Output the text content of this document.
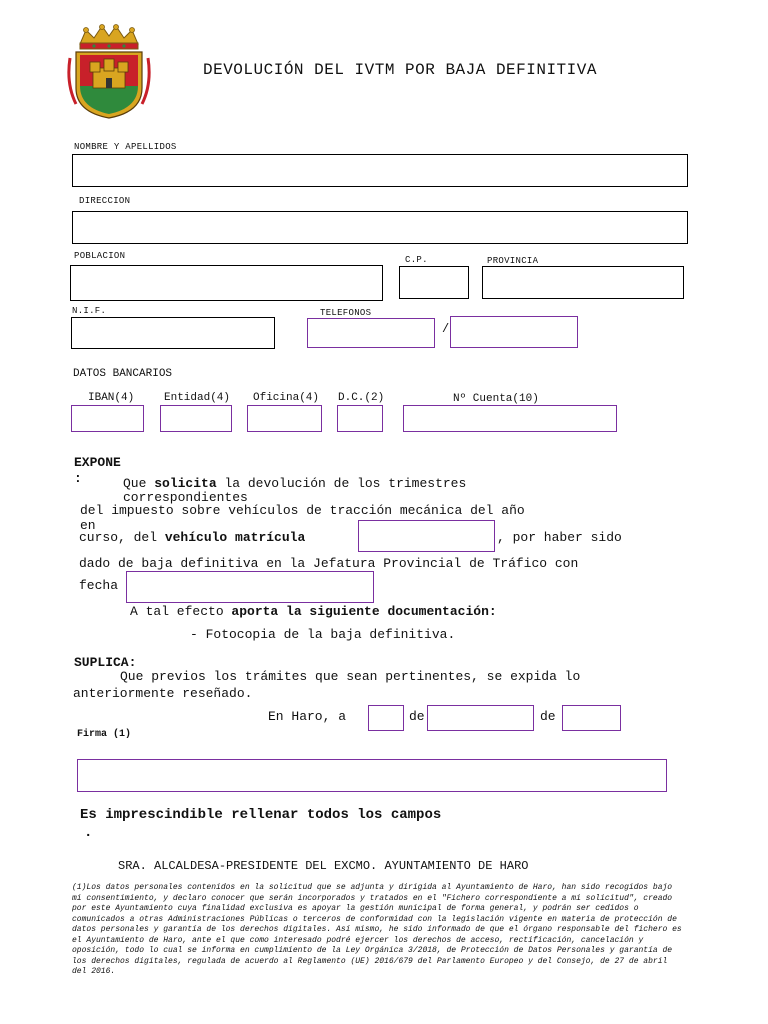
DEVOLUCIÓN DEL IVTM POR BAJA DEFINITIVA
NOMBRE Y APELLIDOS
DIRECCION
POBLACION	C.P.	PROVINCIA
N.I.F.	TELEFONOS
/
DATOS BANCARIOS
IBAN(4)	Entidad(4) Oficina(4) D.C.(2)	Nº Cuenta(10)
EXPONE
:	Que solicita la devolución de los trimestres
correspondientes
del impuesto sobre vehículos de tracción mecánica del año
en
curso, del vehículo matrícula	, por haber sido
dado de baja definitiva en la Jefatura Provincial de Tráfico con
fecha
A tal efecto aporta la siguiente documentación:
- Fotocopia de la baja definitiva.
SUPLICA:
Que previos los trámites que sean pertinentes, se expida lo
anteriormente reseñado.
En Haro, a	de	de
Firma (1)
Es imprescindible rellenar todos los campos
.
SRA. ALCALDESA-PRESIDENTE DEL EXCMO. AYUNTAMIENTO DE HARO
(1)Los datos personales contenidos en la solicitud que se adjunta y dirigida al Ayuntamiento de Haro, han sido recogidos bajo mi consentimiento, y declaro conocer que serán incorporados y tratados en el "Fichero correspondiente a mi solicitud", creado por este Ayuntamiento cuya finalidad exclusiva es apoyar la gestión municipal de forma general, y podrán ser cedidos o comunicados a otras Administraciones Públicas o terceros de conformidad con la legislación vigente en materia de protección de datos personales y garantía de los derechos digitales. Así mismo, he sido informado de que el órgano responsable del fichero es el Ayuntamiento de Haro, ante el que como interesado podré ejercer los derechos de acceso, rectificación, cancelación y oposición, todo lo cual se informa en cumplimiento de la Ley Orgánica 3/2018, de Protección de Datos Personales y garantía de los derechos digitales, regulada de acuerdo al Reglamento (UE) 2016/679 del Parlamento Europeo y del Consejo, de 27 de abril del 2016.
